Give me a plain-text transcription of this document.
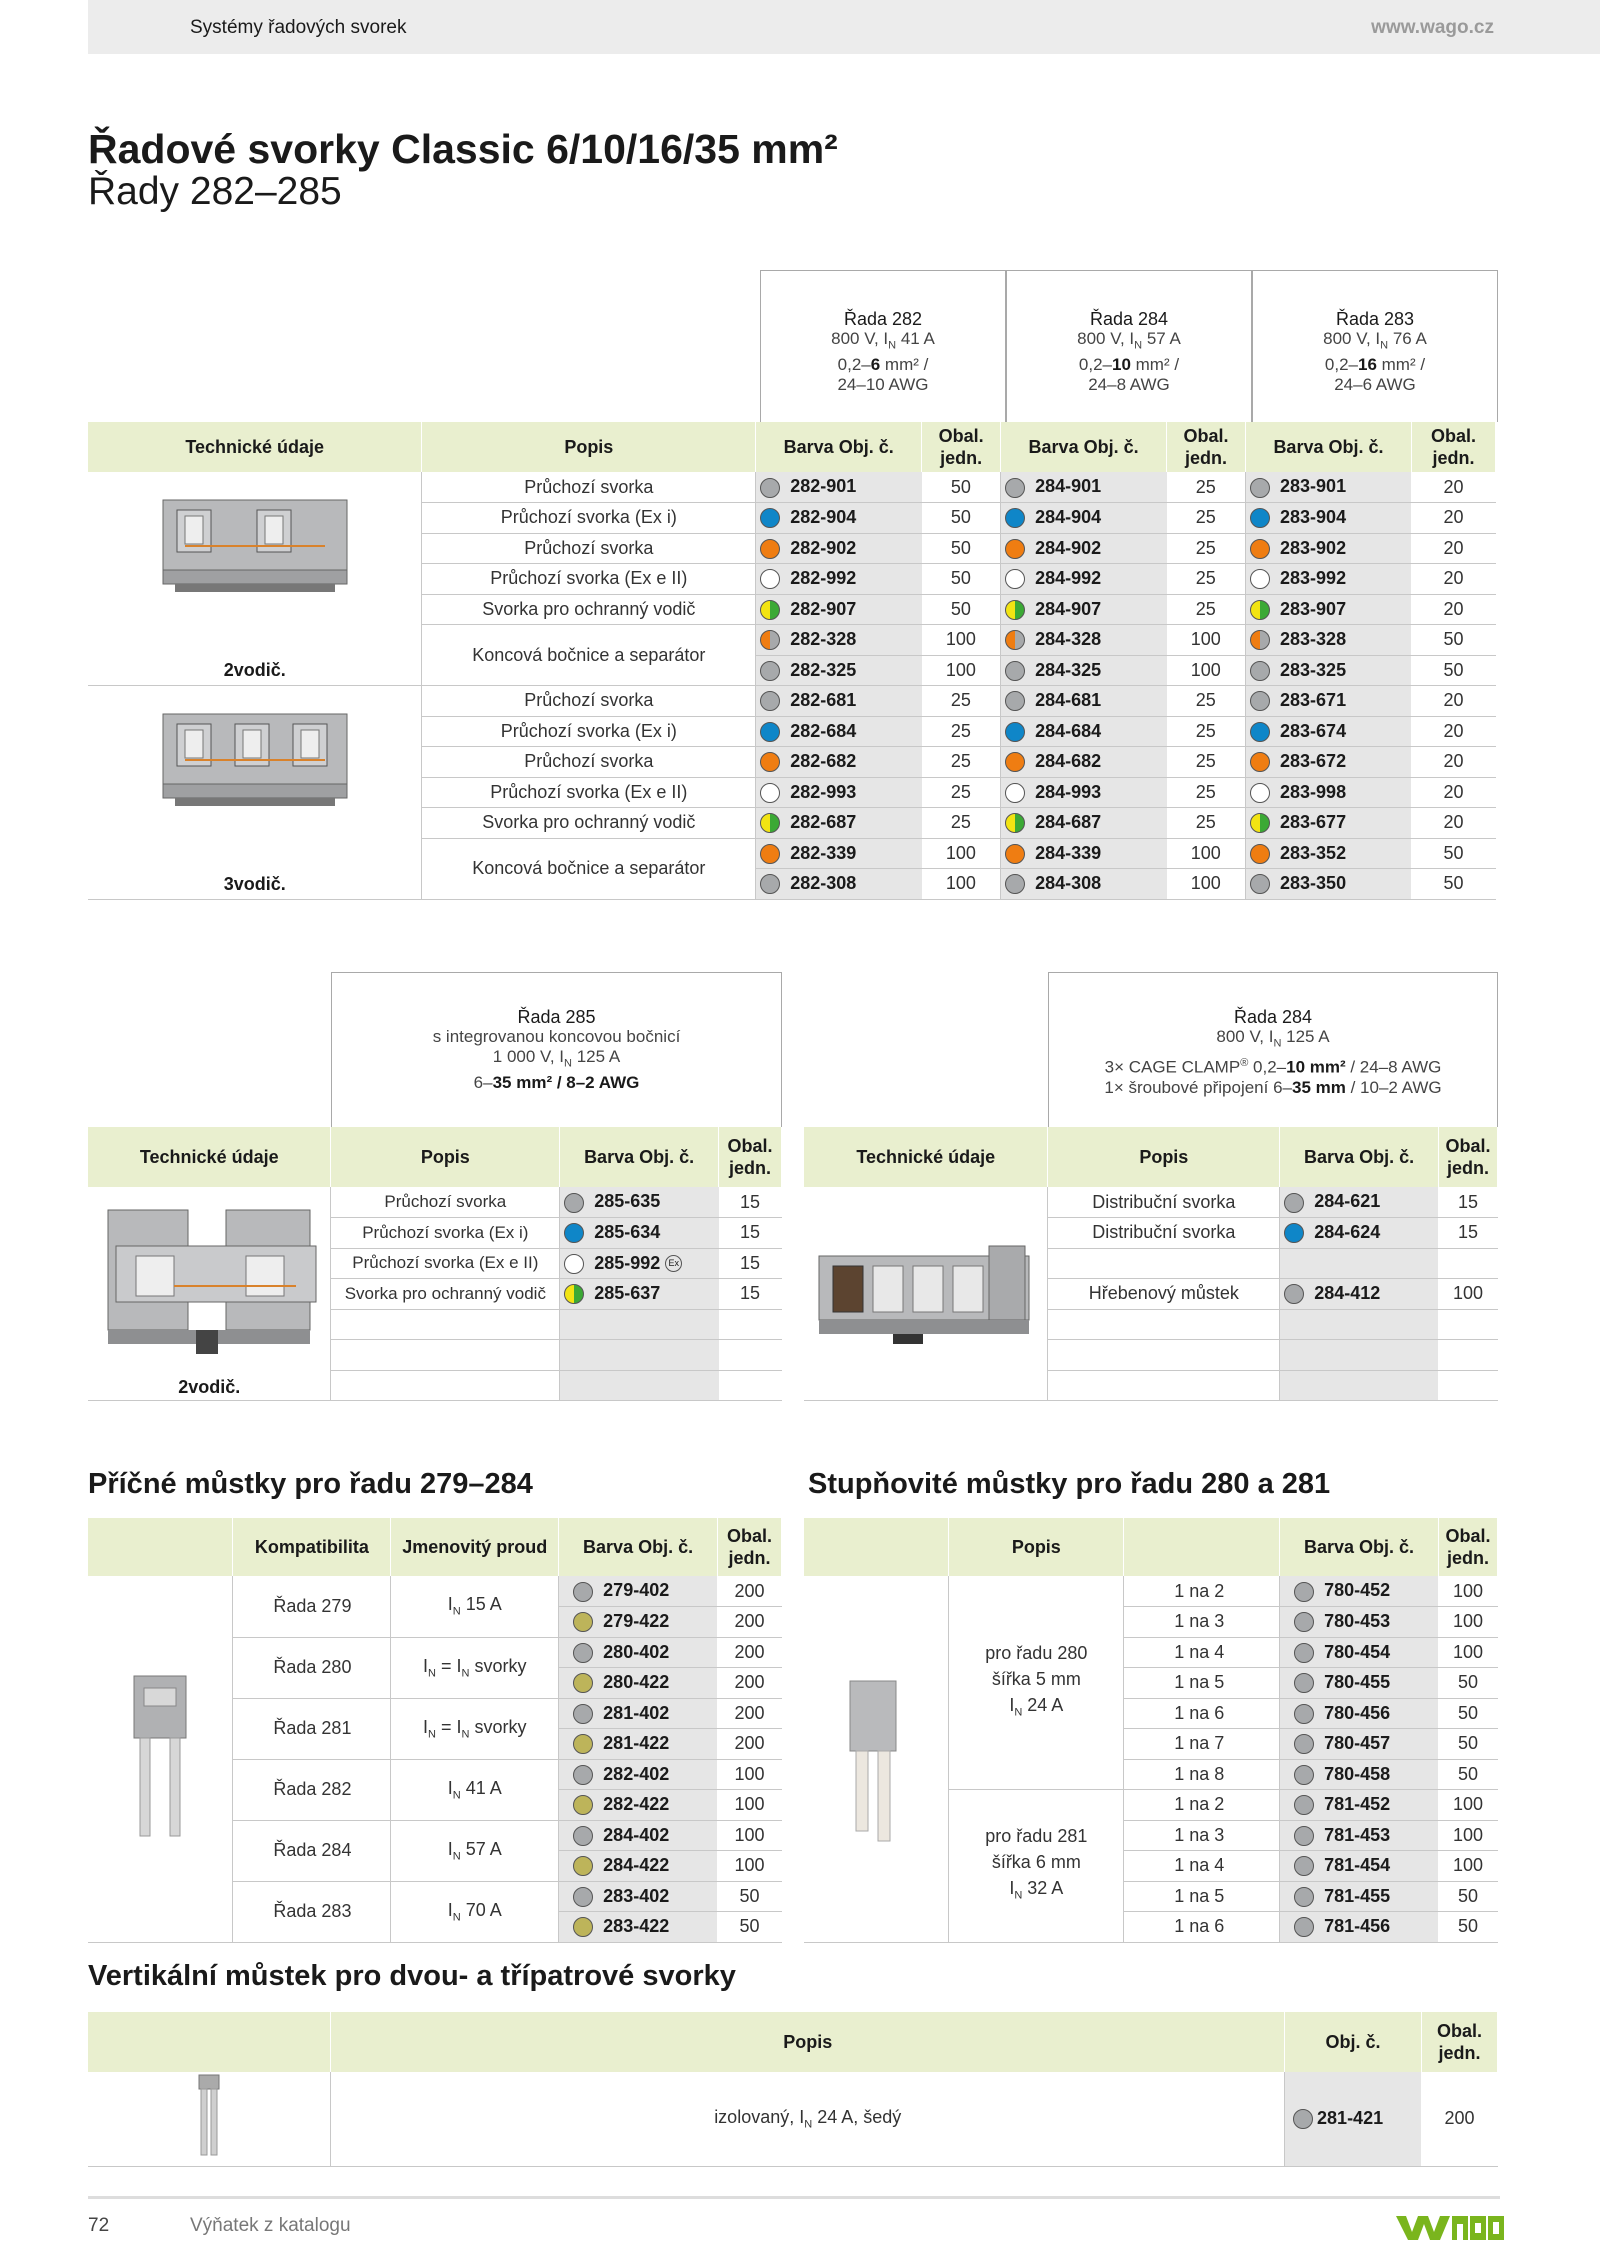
Systémy řadových svorek	www.wago.cz
Řadové svorky Classic 6/10/16/35 mm²
Řady 282–285
Řada 282
800 V, $I_N$ 41 A
0,2–6 mm² /
24–10 AWG
Řada 284
800 V, $I_N$ 57 A
0,2–10 mm² /
24–8 AWG
Řada 283
800 V, $I_N$ 76 A
0,2–16 mm² /
24–6 AWG
Technické údaje	Popis	Barva Obj. č.	Obal.
jedn.	Barva Obj. č.	Obal.
jedn.	Barva Obj. č.	Obal.
jedn.

2vodič.	Průchozí svorka	282-901	50	284-901	25	283-901	20
	Průchozí svorka (Ex i)	282-904	50	284-904	25	283-904	20
	Průchozí svorka	282-902	50	284-902	25	283-902	20
	Průchozí svorka (Ex e II)	282-992	50	284-992	25	283-992	20
	Svorka pro ochranný vodič	282-907	50	284-907	25	283-907	20
	Koncová bočnice a separátor	282-328	100	284-328	100	283-328	50
		282-325	100	284-325	100	283-325	50

3vodič.	Průchozí svorka	282-681	25	284-681	25	283-671	20
	Průchozí svorka (Ex i)	282-684	25	284-684	25	283-674	20
	Průchozí svorka	282-682	25	284-682	25	283-672	20
	Průchozí svorka (Ex e II)	282-993	25	284-993	25	283-998	20
	Svorka pro ochranný vodič	282-687	25	284-687	25	283-677	20
	Koncová bočnice a separátor	282-339	100	284-339	100	283-352	50
		282-308	100	284-308	100	283-350	50
Řada 285
s integrovanou koncovou bočnicí
1 000 V, $I_N$ 125 A
6–35 mm² / 8–2 AWG
Technické údaje	Popis	Barva Obj. č.	Obal.
jedn.

2vodič.	Průchozí svorka	285-635	15
	Průchozí svorka (Ex i)	285-634	15
	Průchozí svorka (Ex e II)	285-992 Ex	15
	Svorka pro ochranný vodič	285-637	15

Řada 284
800 V, $I_N$ 125 A
3× CAGE CLAMP® 0,2–10 mm² / 24–8 AWG
1× šroubové připojení 6–35 mm / 10–2 AWG
Technické údaje	Popis	Barva Obj. č.	Obal.
jedn.
	Distribuční svorka	284-621	15
	Distribuční svorka	284-624	15

	Hřebenový můstek	284-412	100

Příčné můstky pro řadu 279–284
	Kompatibilita	Jmenovitý proud	Barva Obj. č.	Obal.
jedn.
	Řada 279	$I_N$ 15 A	279-402	200
			279-422	200
	Řada 280	$I_N = I_N$ svorky	280-402	200
			280-422	200
	Řada 281	$I_N = I_N$ svorky	281-402	200
			281-422	200
	Řada 282	$I_N$ 41 A	282-402	100
			282-422	100
	Řada 284	$I_N$ 57 A	284-402	100
			284-422	100
	Řada 283	$I_N$ 70 A	283-402	50
			283-422	50
Stupňovité můstky pro řadu 280 a 281
	Popis		Barva Obj. č.	Obal.
jedn.
	pro řadu 280
šířka 5 mm
$I_N$ 24 A	1 na 2	780-452	100
		1 na 3	780-453	100
		1 na 4	780-454	100
		1 na 5	780-455	50
		1 na 6	780-456	50
		1 na 7	780-457	50
		1 na 8	780-458	50
	pro řadu 281
šířka 6 mm
$I_N$ 32 A	1 na 2	781-452	100
		1 na 3	781-453	100
		1 na 4	781-454	100
		1 na 5	781-455	50
		1 na 6	781-456	50
Vertikální můstek pro dvou- a třípatrové svorky
	Popis	Obj. č.	Obal.
jedn.
	izolovaný, $I_N$ 24 A, šedý	281-421	200
72	Výňatek z katalogu
